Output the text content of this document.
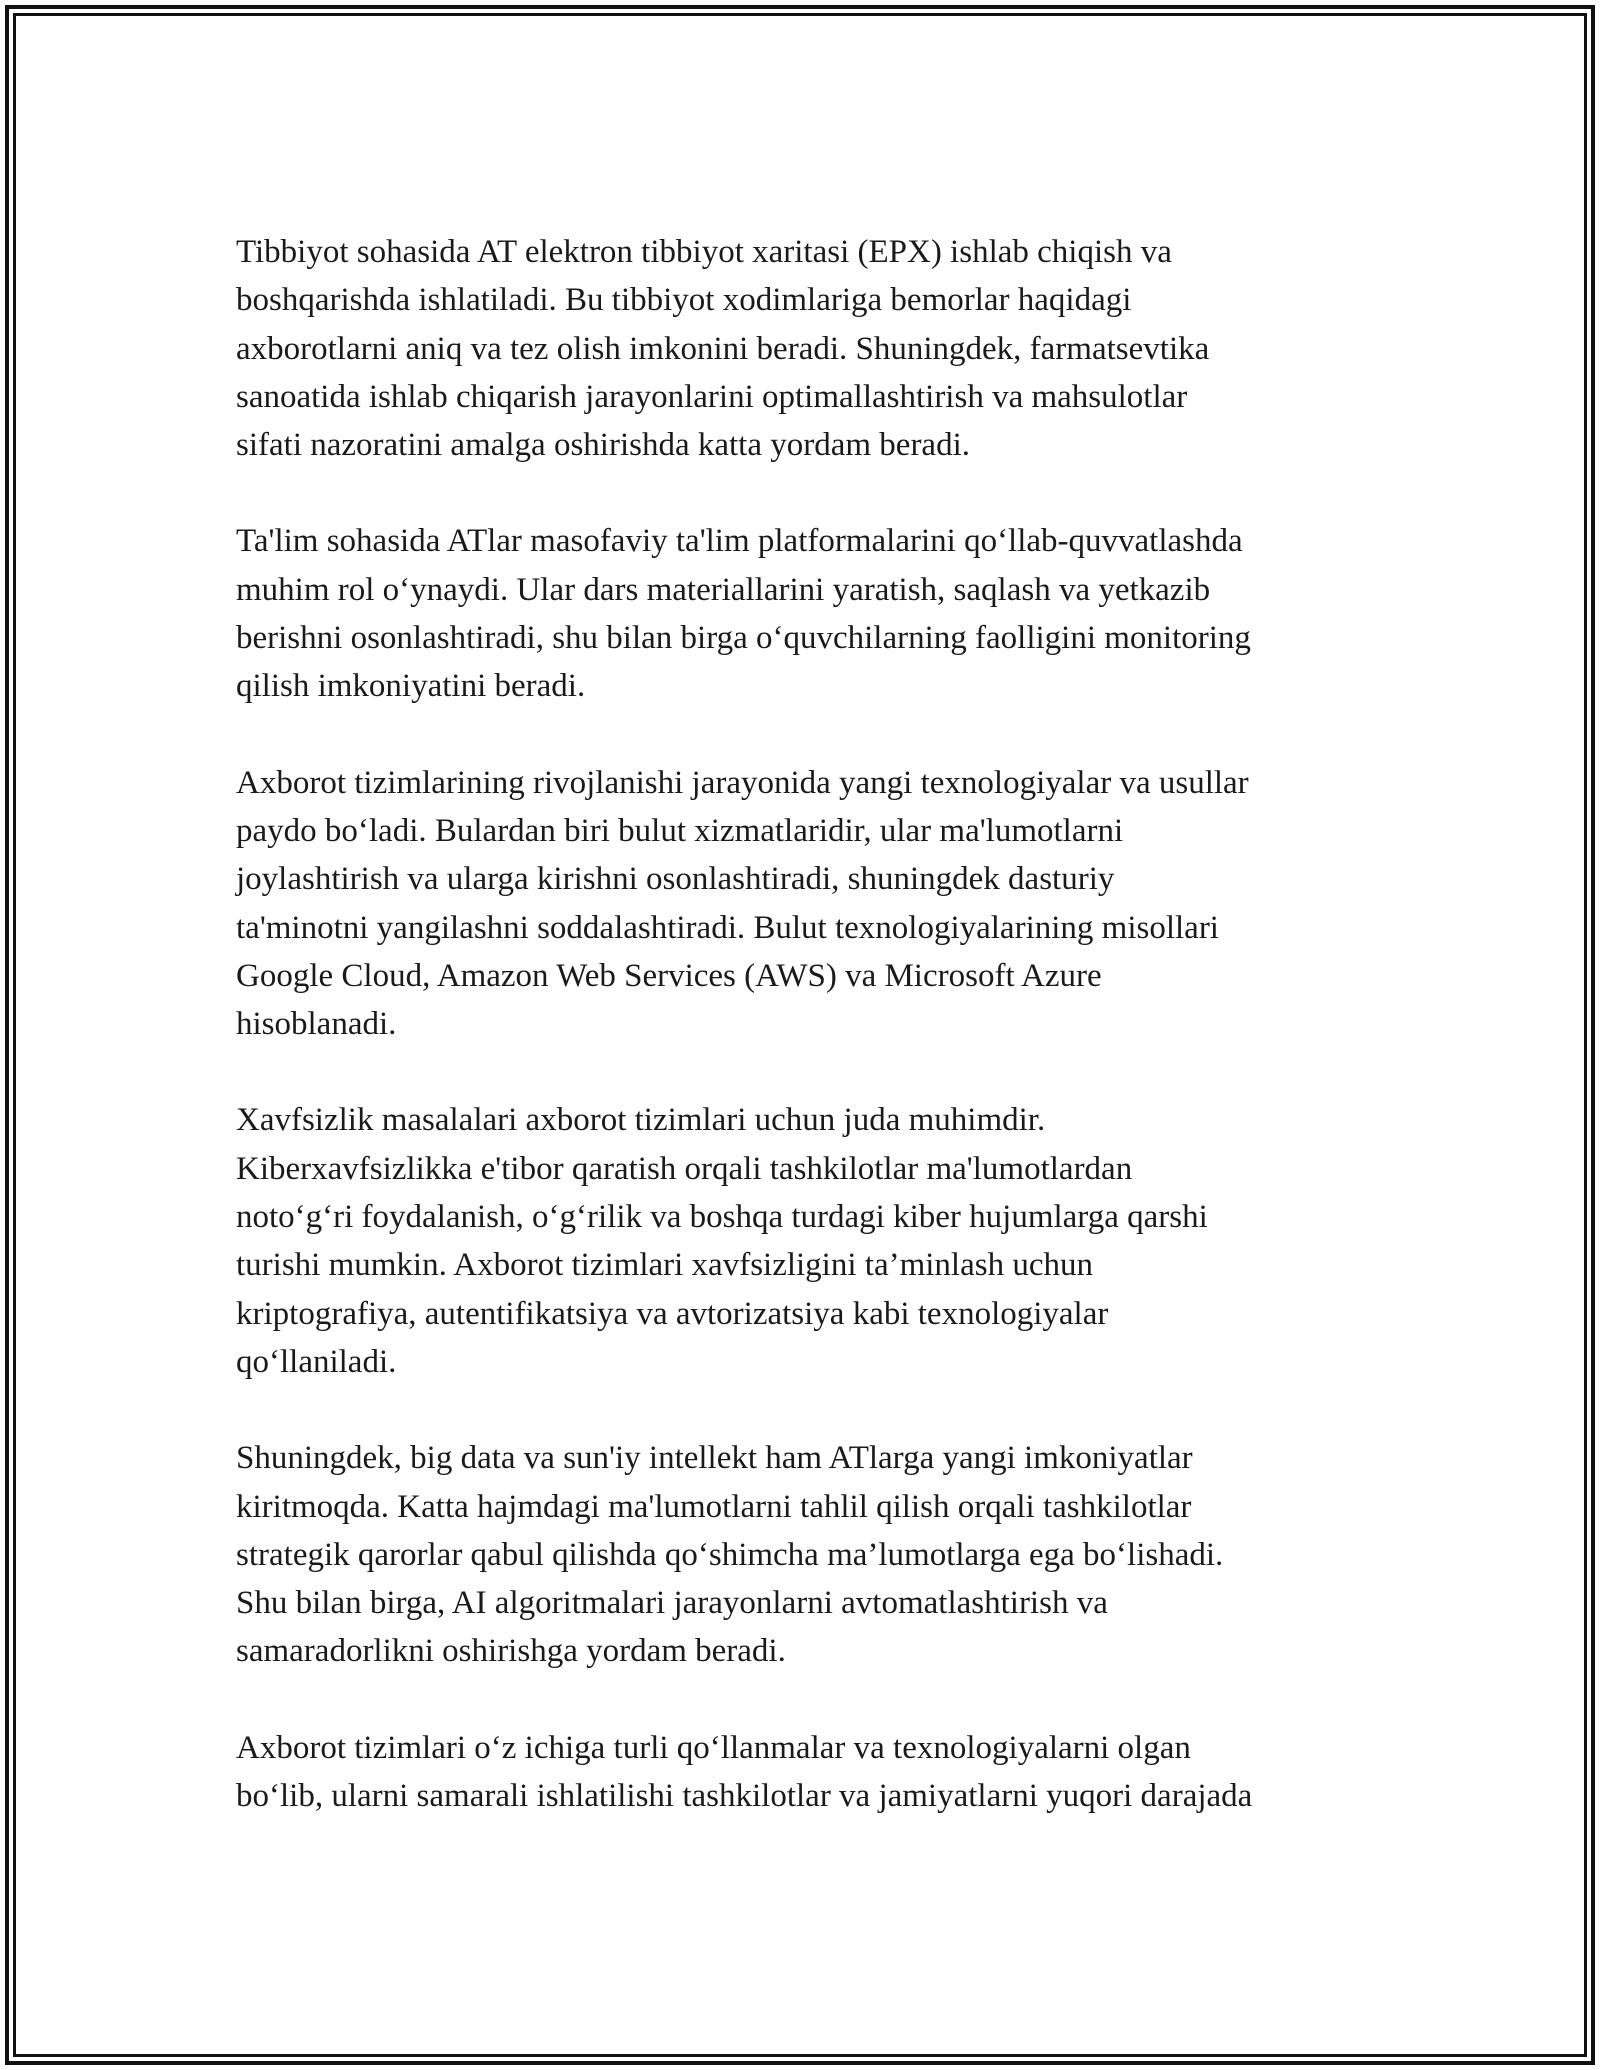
Tibbiyot sohasida AT elektron tibbiyot xaritasi (EPX) ishlab chiqish va
boshqarishda ishlatiladi. Bu tibbiyot xodimlariga bemorlar haqidagi
axborotlarni aniq va tez olish imkonini beradi. Shuningdek, farmatsevtika
sanoatida ishlab chiqarish jarayonlarini optimallashtirish va mahsulotlar
sifati nazoratini amalga oshirishda katta yordam beradi.

Ta'lim sohasida ATlar masofaviy ta'lim platformalarini qo‘llab-quvvatlashda
muhim rol o‘ynaydi. Ular dars materiallarini yaratish, saqlash va yetkazib
berishni osonlashtiradi, shu bilan birga o‘quvchilarning faolligini monitoring
qilish imkoniyatini beradi.

Axborot tizimlarining rivojlanishi jarayonida yangi texnologiyalar va usullar
paydo bo‘ladi. Bulardan biri bulut xizmatlaridir, ular ma'lumotlarni
joylashtirish va ularga kirishni osonlashtiradi, shuningdek dasturiy
ta'minotni yangilashni soddalashtiradi. Bulut texnologiyalarining misollari
Google Cloud, Amazon Web Services (AWS) va Microsoft Azure
hisoblanadi.

Xavfsizlik masalalari axborot tizimlari uchun juda muhimdir.
Kiberxavfsizlikka e'tibor qaratish orqali tashkilotlar ma'lumotlardan
noto‘g‘ri foydalanish, o‘g‘rilik va boshqa turdagi kiber hujumlarga qarshi
turishi mumkin. Axborot tizimlari xavfsizligini ta’minlash uchun
kriptografiya, autentifikatsiya va avtorizatsiya kabi texnologiyalar
qo‘llaniladi.

Shuningdek, big data va sun'iy intellekt ham ATlarga yangi imkoniyatlar
kiritmoqda. Katta hajmdagi ma'lumotlarni tahlil qilish orqali tashkilotlar
strategik qarorlar qabul qilishda qo‘shimcha ma’lumotlarga ega bo‘lishadi.
Shu bilan birga, AI algoritmalari jarayonlarni avtomatlashtirish va
samaradorlikni oshirishga yordam beradi.

Axborot tizimlari o‘z ichiga turli qo‘llanmalar va texnologiyalarni olgan
bo‘lib, ularni samarali ishlatilishi tashkilotlar va jamiyatlarni yuqori darajada
